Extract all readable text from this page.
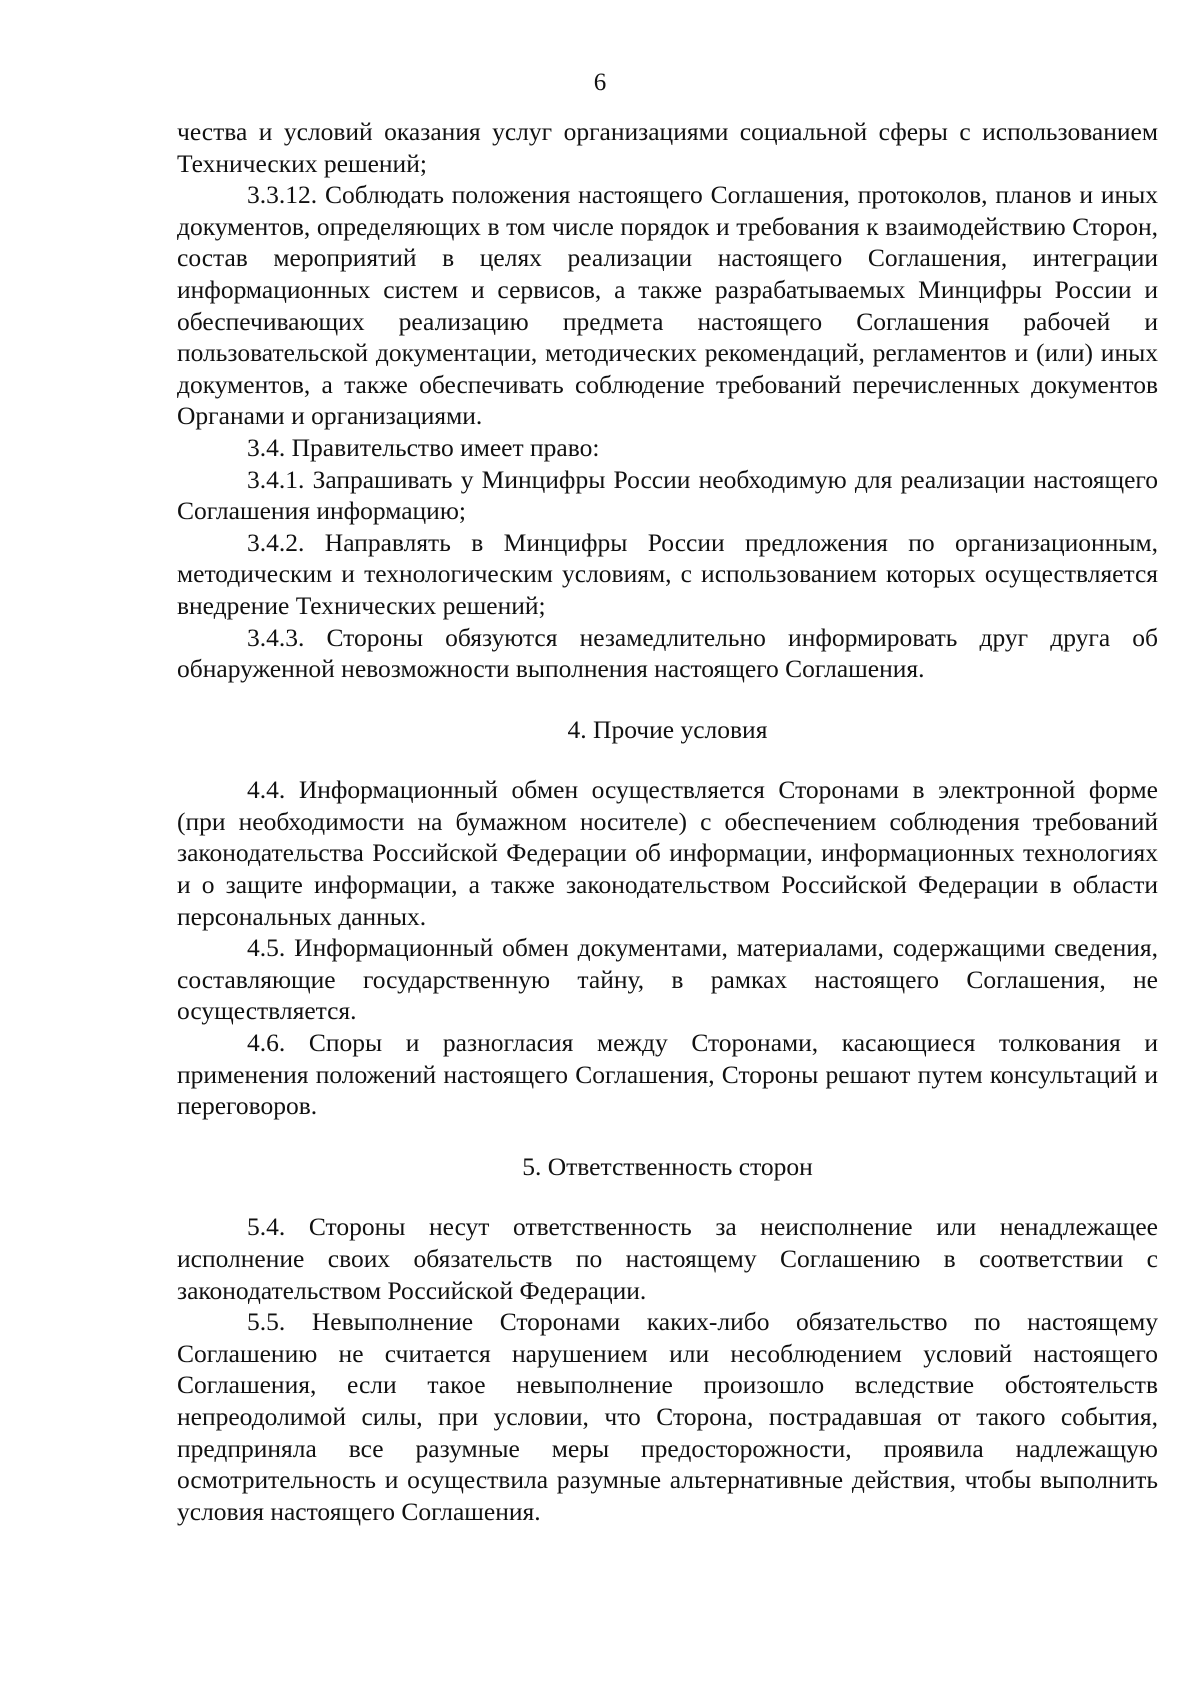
6

чества и условий оказания услуг организациями социальной сферы с использованием Технических решений;

3.3.12. Соблюдать положения настоящего Соглашения, протоколов, планов и иных документов, определяющих в том числе порядок и требования к взаимодействию Сторон, состав мероприятий в целях реализации настоящего Соглашения, интеграции информационных систем и сервисов, а также разрабатываемых Минцифры России и обеспечивающих реализацию предмета настоящего Соглашения рабочей и пользовательской документации, методических рекомендаций, регламентов и (или) иных документов, а также обеспечивать соблюдение требований перечисленных документов Органами и организациями.

3.4. Правительство имеет право:

3.4.1. Запрашивать у Минцифры России необходимую для реализации настоящего Соглашения информацию;

3.4.2. Направлять в Минцифры России предложения по организационным, методическим и технологическим условиям, с использованием которых осуществляется внедрение Технических решений;

3.4.3. Стороны обязуются незамедлительно информировать друг друга об обнаруженной невозможности выполнения настоящего Соглашения.

4. Прочие условия

4.4. Информационный обмен осуществляется Сторонами в электронной форме (при необходимости на бумажном носителе) с обеспечением соблюдения требований законодательства Российской Федерации об информации, информационных технологиях и о защите информации, а также законодательством Российской Федерации в области персональных данных.

4.5. Информационный обмен документами, материалами, содержащими сведения, составляющие государственную тайну, в рамках настоящего Соглашения, не осуществляется.

4.6. Споры и разногласия между Сторонами, касающиеся толкования и применения положений настоящего Соглашения, Стороны решают путем консультаций и переговоров.

5. Ответственность сторон

5.4. Стороны несут ответственность за неисполнение или ненадлежащее исполнение своих обязательств по настоящему Соглашению в соответствии с законодательством Российской Федерации.

5.5. Невыполнение Сторонами каких-либо обязательство по настоящему Соглашению не считается нарушением или несоблюдением условий настоящего Соглашения, если такое невыполнение произошло вследствие обстоятельств непреодолимой силы, при условии, что Сторона, пострадавшая от такого события, предприняла все разумные меры предосторожности, проявила надлежащую осмотрительность и осуществила разумные альтернативные действия, чтобы выполнить условия настоящего Соглашения.
